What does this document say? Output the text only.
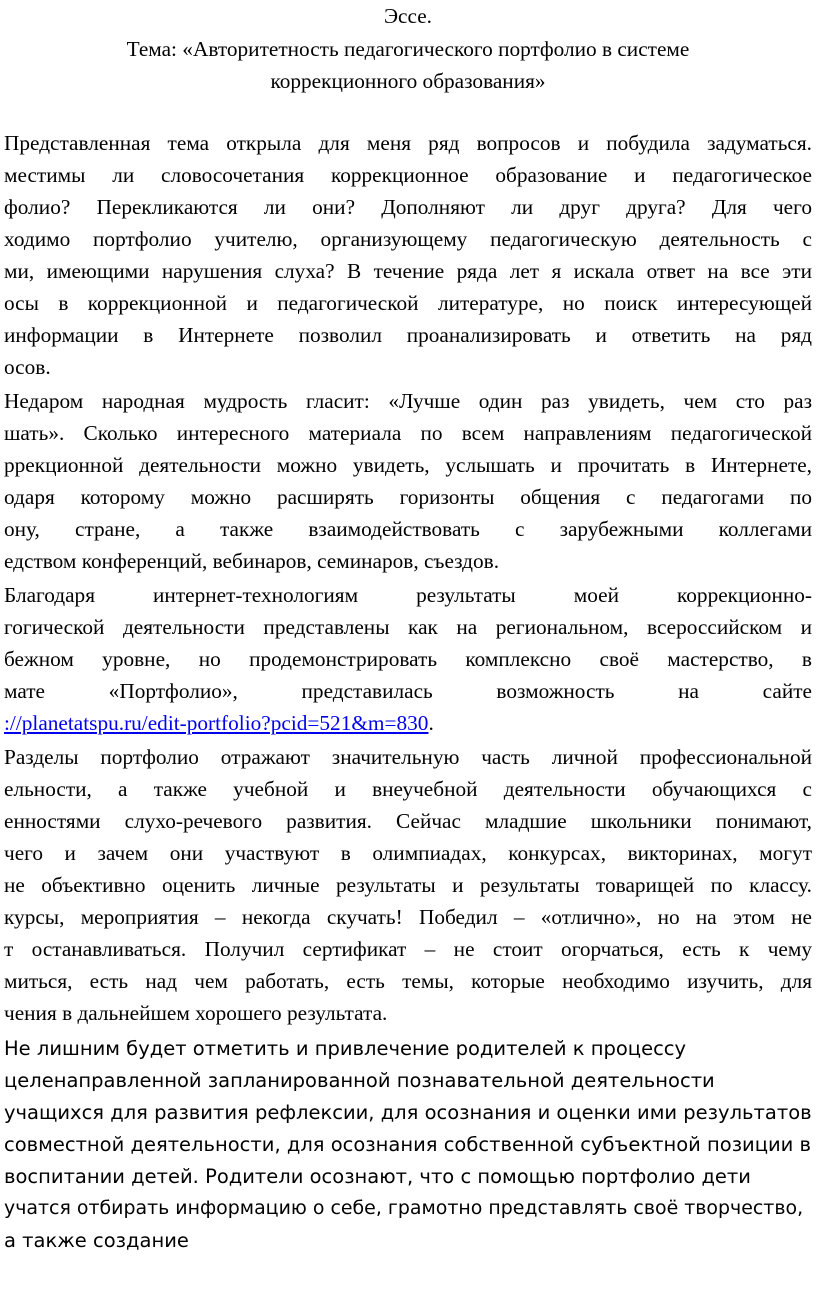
Эссе.
Тема: «Авторитетность педагогического портфолио в системе
коррекционного образования»
Представленная тема открыла для меня ряд вопросов и побудила задуматься.
местимы ли словосочетания коррекционное образование и педагогическое
фолио? Перекликаются ли они? Дополняют ли друг друга? Для чего
ходимо портфолио учителю, организующему педагогическую деятельность с
ми, имеющими нарушения слуха? В течение ряда лет я искала ответ на все эти
осы в коррекционной и педагогической литературе, но поиск интересующей
информации в Интернете позволил проанализировать и ответить на ряд
осов.
Недаром народная мудрость гласит: «Лучше один раз увидеть, чем сто раз
шать». Сколько интересного материала по всем направлениям педагогической
ррекционной деятельности можно увидеть, услышать и прочитать в Интернете,
одаря которому можно расширять горизонты общения с педагогами по
ону, стране, а также взаимодействовать с зарубежными коллегами
едством конференций, вебинаров, семинаров, съездов.
Благодаря интернет-технологиям результаты моей коррекционно-
гогической деятельности представлены как на региональном, всероссийском и
бежном уровне, но продемонстрировать комплексно своё мастерство, в
мате «Портфолио», представилась возможность на сайте
://planetatspu.ru/edit-portfolio?pcid=521&m=830.
Разделы портфолио отражают значительную часть личной профессиональной
ельности, а также учебной и внеучебной деятельности обучающихся с
енностями слухо-речевого развития. Сейчас младшие школьники понимают,
чего и зачем они участвуют в олимпиадах, конкурсах, викторинах, могут
не объективно оценить личные результаты и результаты товарищей по классу.
курсы, мероприятия – некогда скучать! Победил – «отлично», но на этом не
т останавливаться. Получил сертификат – не стоит огорчаться, есть к чему
миться, есть над чем работать, есть темы, которые необходимо изучить, для
чения в дальнейшем хорошего результата.
Не лишним будет отметить и привлечение родителей к процессу
целенаправленной запланированной познавательной деятельности
учащихся для развития рефлексии, для осознания и оценки ими результатов
совместной деятельности, для осознания собственной субъектной позиции в
воспитании детей. Родители осознают, что с помощью портфолио дети
учатся отбирать информацию о себе, грамотно представлять своё творчество,
а также создание
